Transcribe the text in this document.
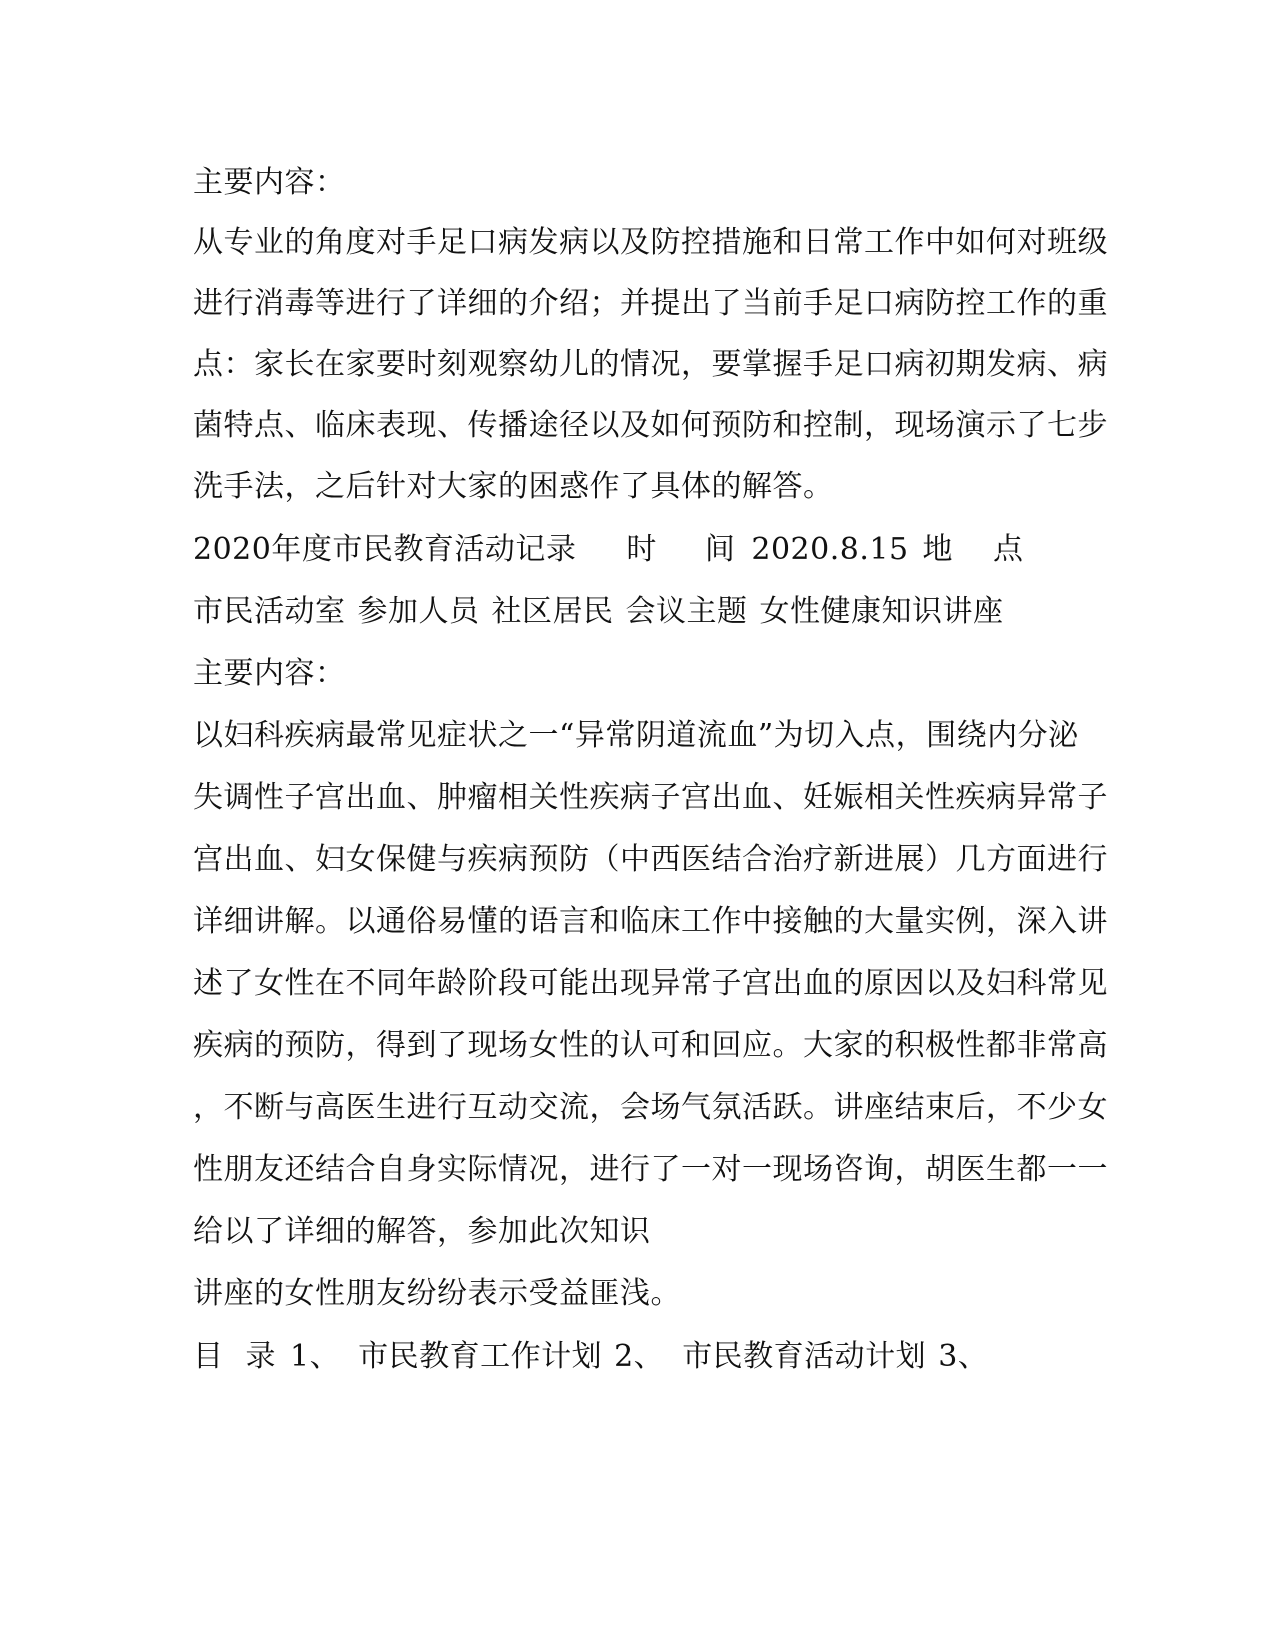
主要内容：
从专业的角度对手足口病发病以及防控措施和日常工作中如何对班级
进行消毒等进行了详细的介绍；并提出了当前手足口病防控工作的重
点：家长在家要时刻观察幼儿的情况，要掌握手足口病初期发病、病
菌特点、临床表现、传播途径以及如何预防和控制，现场演示了七步
洗手法，之后针对大家的困惑作了具体的解答。
2020年度市民教育活动记录 时 间 2020.8.15 地 点
市民活动室 参加人员 社区居民 会议主题 女性健康知识讲座
主要内容：
以妇科疾病最常见症状之一“异常阴道流血”为切入点，围绕内分泌
失调性子宫出血、肿瘤相关性疾病子宫出血、妊娠相关性疾病异常子
宫出血、妇女保健与疾病预防（中西医结合治疗新进展）几方面进行
详细讲解。以通俗易懂的语言和临床工作中接触的大量实例，深入讲
述了女性在不同年龄阶段可能出现异常子宫出血的原因以及妇科常见
疾病的预防，得到了现场女性的认可和回应。大家的积极性都非常高
，不断与高医生进行互动交流，会场气氛活跃。讲座结束后，不少女
性朋友还结合自身实际情况，进行了一对一现场咨询，胡医生都一一
给以了详细的解答，参加此次知识
讲座的女性朋友纷纷表示受益匪浅。
目 录 1、 市民教育工作计划 2、 市民教育活动计划 3、
